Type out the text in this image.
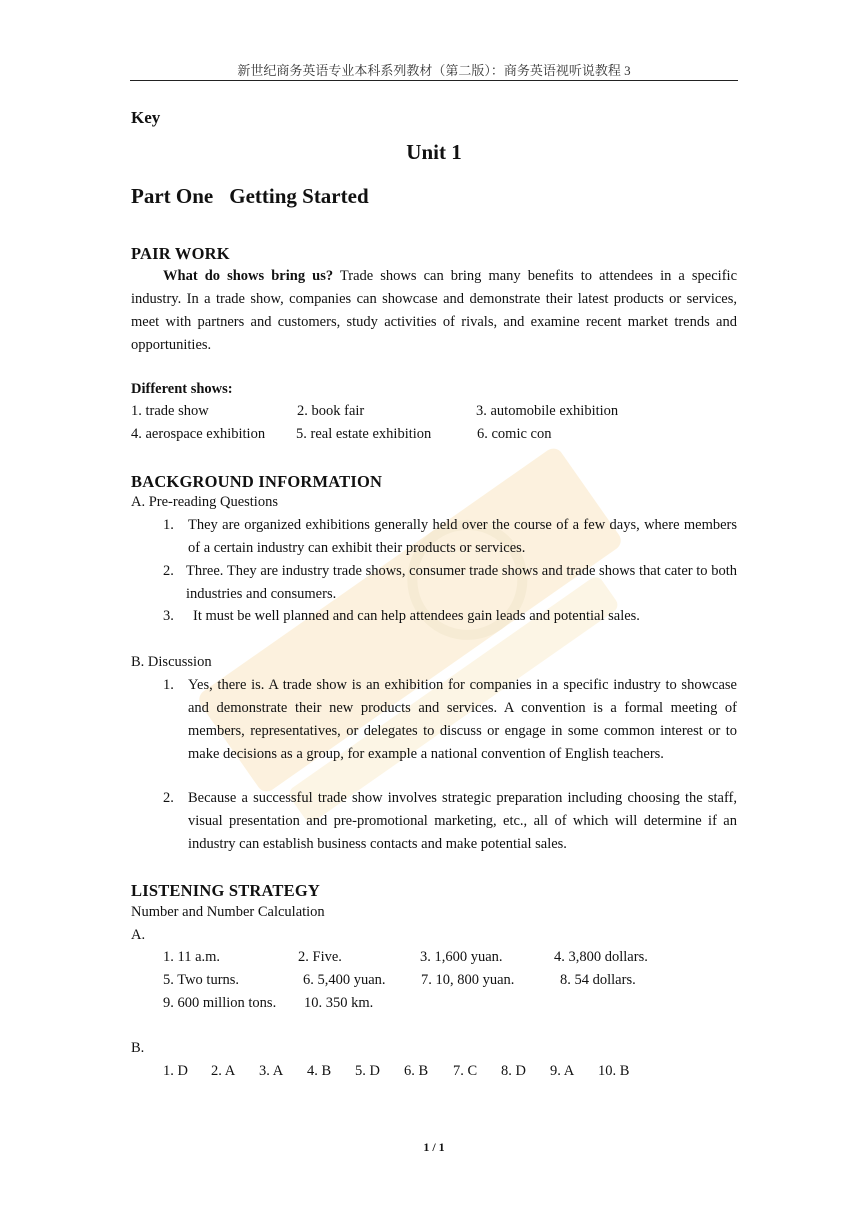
新世纪商务英语专业本科系列教材（第二版）：商务英语视听说教程 3
Key
Unit 1
Part One Getting Started
PAIR WORK
What do shows bring us? Trade shows can bring many benefits to attendees in a specific industry. In a trade show, companies can showcase and demonstrate their latest products or services, meet with partners and customers, study activities of rivals, and examine recent market trends and opportunities.
Different shows:
1. trade show	2. book fair	3. automobile exhibition
4. aerospace exhibition 5. real estate exhibition	6. comic con
BACKGROUND INFORMATION
A. Pre-reading Questions
1. They are organized exhibitions generally held over the course of a few days, where members of a certain industry can exhibit their products or services.
2. Three. They are industry trade shows, consumer trade shows and trade shows that cater to both industries and consumers.
3. It must be well planned and can help attendees gain leads and potential sales.
B. Discussion
1. Yes, there is. A trade show is an exhibition for companies in a specific industry to showcase and demonstrate their new products and services. A convention is a formal meeting of members, representatives, or delegates to discuss or engage in some common interest or to make decisions as a group, for example a national convention of English teachers.
2. Because a successful trade show involves strategic preparation including choosing the staff, visual presentation and pre-promotional marketing, etc., all of which will determine if an industry can establish business contacts and make potential sales.
LISTENING STRATEGY
Number and Number Calculation
A.
1. 11 a.m.	2. Five.	3. 1,600 yuan.	4. 3,800 dollars.
5. Two turns.	6. 5,400 yuan. 7. 10, 800 yuan.	8. 54 dollars.
9. 600 million tons. 10. 350 km.
B.
1. D 2. A 3. A 4. B 5. D 6. B 7. C 8. D 9. A 10. B
1 / 1
